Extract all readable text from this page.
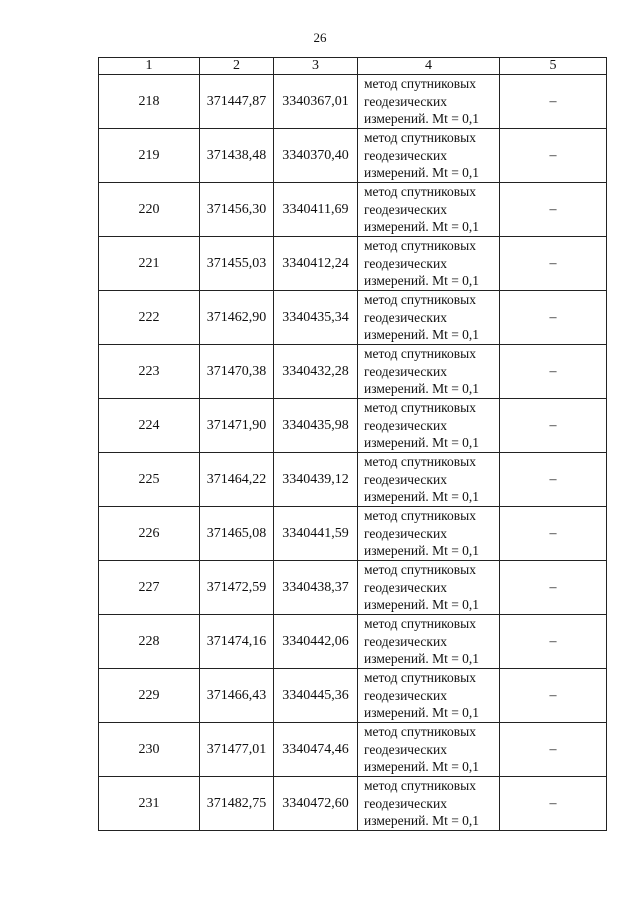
26
1	2	3	4	5
218	371447,87	3340367,01	метод спутниковых
геодезических
измерений. Mt = 0,1	–
219	371438,48	3340370,40	метод спутниковых
геодезических
измерений. Mt = 0,1	–
220	371456,30	3340411,69	метод спутниковых
геодезических
измерений. Mt = 0,1	–
221	371455,03	3340412,24	метод спутниковых
геодезических
измерений. Mt = 0,1	–
222	371462,90	3340435,34	метод спутниковых
геодезических
измерений. Mt = 0,1	–
223	371470,38	3340432,28	метод спутниковых
геодезических
измерений. Mt = 0,1	–
224	371471,90	3340435,98	метод спутниковых
геодезических
измерений. Mt = 0,1	–
225	371464,22	3340439,12	метод спутниковых
геодезических
измерений. Mt = 0,1	–
226	371465,08	3340441,59	метод спутниковых
геодезических
измерений. Mt = 0,1	–
227	371472,59	3340438,37	метод спутниковых
геодезических
измерений. Mt = 0,1	–
228	371474,16	3340442,06	метод спутниковых
геодезических
измерений. Mt = 0,1	–
229	371466,43	3340445,36	метод спутниковых
геодезических
измерений. Mt = 0,1	–
230	371477,01	3340474,46	метод спутниковых
геодезических
измерений. Mt = 0,1	–
231	371482,75	3340472,60	метод спутниковых
геодезических
измерений. Mt = 0,1	–
